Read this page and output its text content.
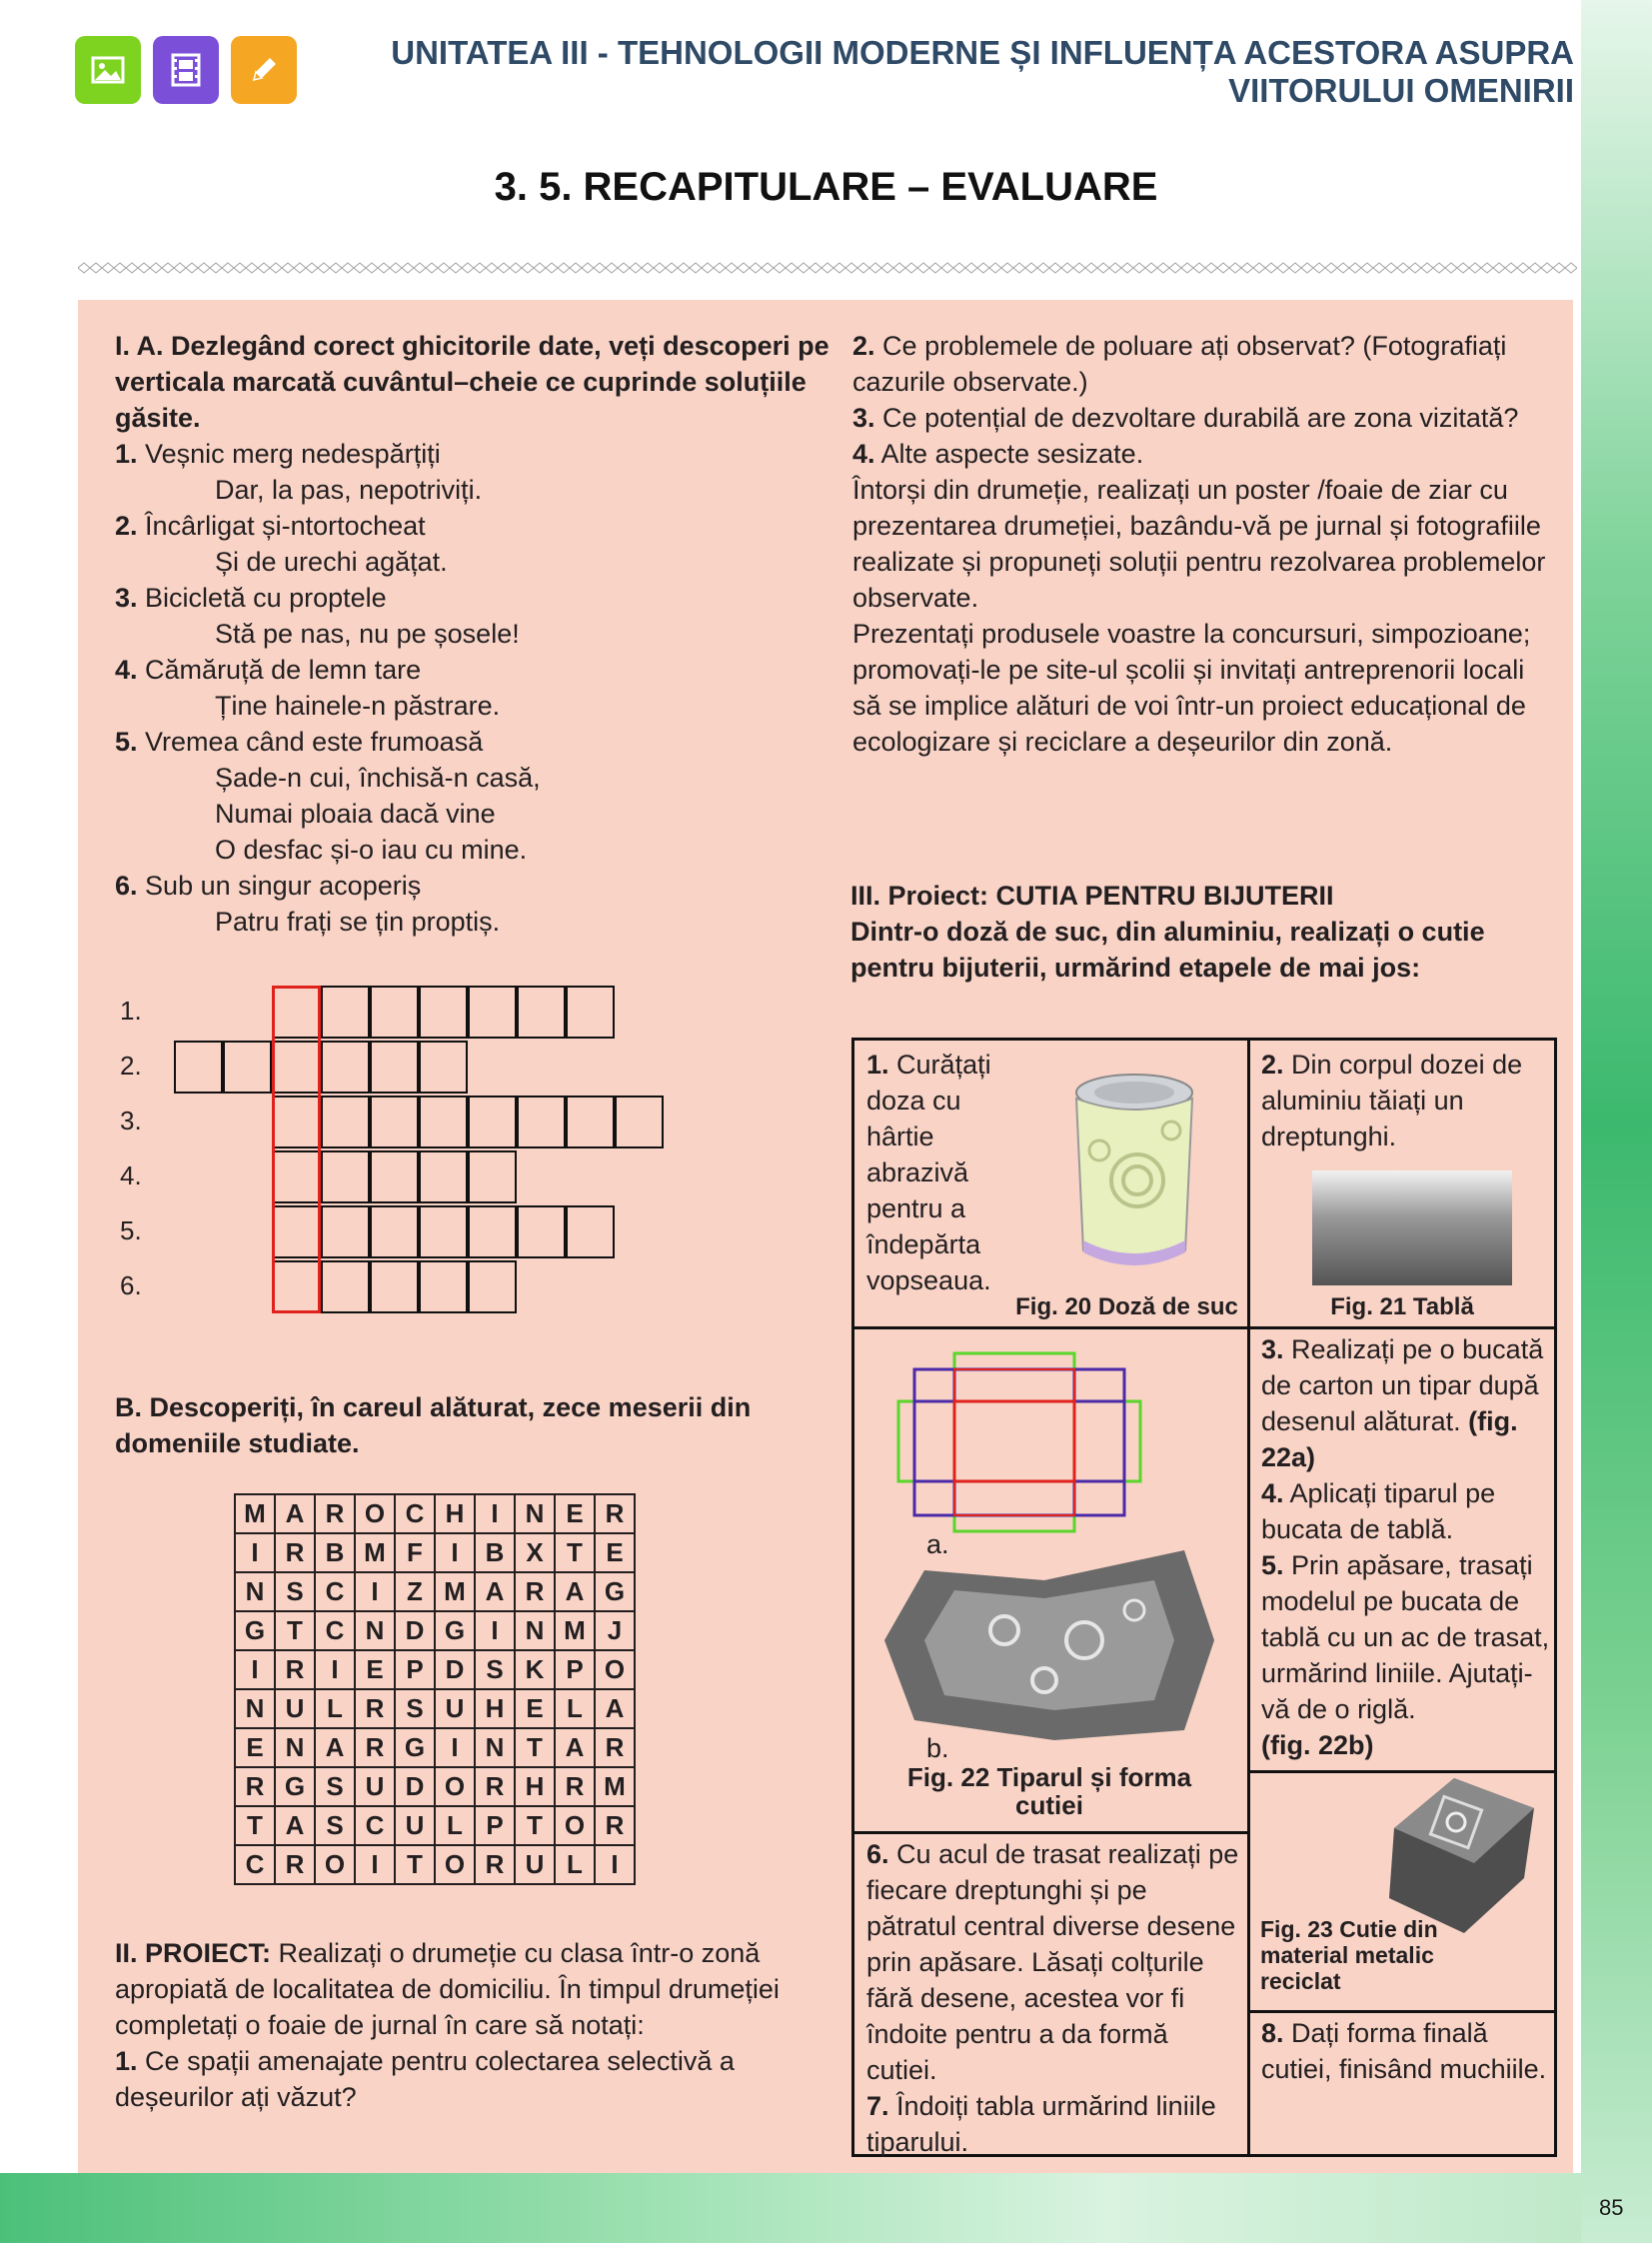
85
UNITATEA III - TEHNOLOGII MODERNE ȘI INFLUENȚA ACESTORA ASUPRA
VIITORULUI OMENIRII
3. 5. RECAPITULARE – EVALUARE

I. A. Dezlegând corect ghicitorile date, veți descoperi pe verticala marcată cuvântul–cheie ce cuprinde soluțiile găsite.

1. Veșnic merg nedespărțiți

Dar, la pas, nepotriviți.

2. Încârligat și-ntortocheat

Și de urechi agățat.

3. Bicicletă cu proptele

Stă pe nas, nu pe șosele!

4. Cămăruță de lemn tare

Ține hainele-n păstrare.

5. Vremea când este frumoasă

Șade-n cui, închisă-n casă,

Numai ploaia dacă vine

O desfac și-o iau cu mine.

6. Sub un singur acoperiș

Patru frați se țin proptiș.

1.
2.
3.
4.
5.
6.
B. Descoperiți, în careul alăturat, zece meserii din domeniile studiate.
M	A	R	O	C	H	I	N	E	R
I	R	B	M	F	I	B	X	T	E
N	S	C	I	Z	M	A	R	A	G
G	T	C	N	D	G	I	N	M	J
I	R	I	E	P	D	S	K	P	O
N	U	L	R	S	U	H	E	L	A
E	N	A	R	G	I	N	T	A	R
R	G	S	U	D	O	R	H	R	M
T	A	S	C	U	L	P	T	O	R
C	R	O	I	T	O	R	U	L	I

II. PROIECT: Realizați o drumeție cu clasa într-o zonă apropiată de localitatea de domiciliu. În timpul drumeției completați o foaie de jurnal în care să notați:

1. Ce spații amenajate pentru colectarea selectivă a deșeurilor ați văzut?

2. Ce problemele de poluare ați observat? (Fotografiați cazurile observate.)

3. Ce potențial de dezvoltare durabilă are zona vizitată?

4. Alte aspecte sesizate.

Întorși din drumeție, realizați un poster /foaie de ziar cu prezentarea drumeției, bazându-vă pe jurnal și fotografiile realizate și propuneți soluții pentru rezolvarea problemelor observate.

Prezentați produsele voastre la concursuri, simpozioane; promovați-le pe site-ul școlii și invitați antreprenorii locali să se implice alături de voi într-un proiect educațional de ecologizare și reciclare a deșeurilor din zonă.

III. Proiect: CUTIA PENTRU BIJUTERII

Dintr-o doză de suc, din aluminiu, realizați o cutie pentru bijuterii, urmărind etapele de mai jos:

1. Curățați doza cu hârtie abrazivă pentru a îndepărta vopseaua.
Fig. 20 Doză de suc
2. Din corpul dozei de aluminiu tăiați un dreptunghi.
Fig. 21 Tablă
a.
b.
Fig. 22 Tiparul și forma cutiei
3. Realizați pe o bucată de carton un tipar după desenul alăturat. (fig. 22a)
4. Aplicați tiparul pe bucata de tablă.
5. Prin apăsare, trasați modelul pe bucata de tablă cu un ac de trasat, urmărind liniile. Ajutați-vă de o riglă.
(fig. 22b)
Fig. 23 Cutie din material metalic reciclat
6. Cu acul de trasat realizați pe fiecare dreptunghi și pe pătratul central diverse desene prin apăsare. Lăsați colțurile fără desene, acestea vor fi îndoite pentru a da formă cutiei.
7. Îndoiți tabla urmărind liniile tiparului.
8. Dați forma finală cutiei, finisând muchiile.
